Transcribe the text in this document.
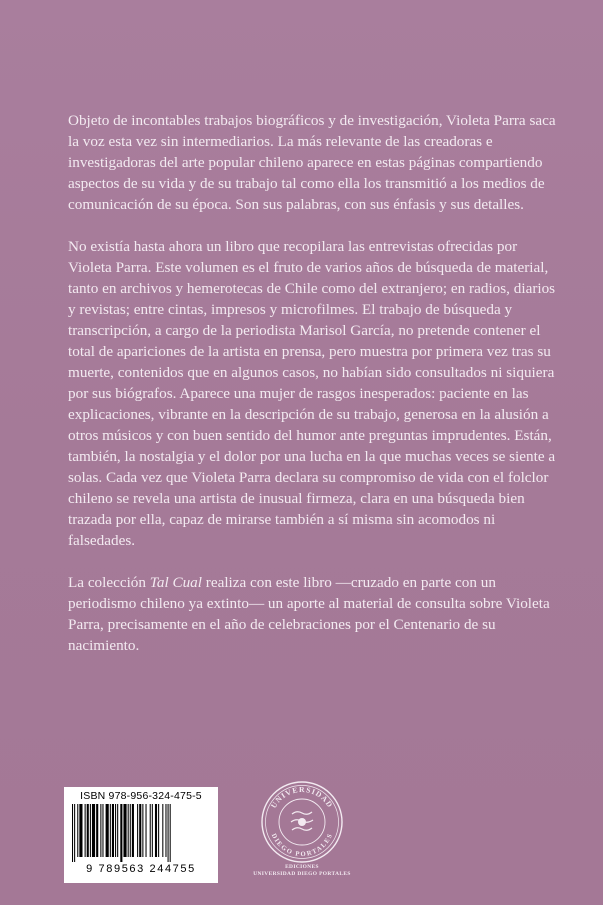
Objeto de incontables trabajos biográficos y de investigación, Violeta Parra saca la voz esta vez sin intermediarios. La más relevante de las creadoras e investigadoras del arte popular chileno aparece en estas páginas compartiendo aspectos de su vida y de su trabajo tal como ella los transmitió a los medios de comunicación de su época. Son sus palabras, con sus énfasis y sus detalles.

No existía hasta ahora un libro que recopilara las entrevistas ofrecidas por Violeta Parra. Este volumen es el fruto de varios años de búsqueda de material, tanto en archivos y hemerotecas de Chile como del extranjero; en radios, diarios y revistas; entre cintas, impresos y microfilmes. El trabajo de búsqueda y transcripción, a cargo de la periodista Marisol García, no pretende contener el total de apariciones de la artista en prensa, pero muestra por primera vez tras su muerte, contenidos que en algunos casos, no habían sido consultados ni siquiera por sus biógrafos. Aparece una mujer de rasgos inesperados: paciente en las explicaciones, vibrante en la descripción de su trabajo, generosa en la alusión a otros músicos y con buen sentido del humor ante preguntas imprudentes. Están, también, la nostalgia y el dolor por una lucha en la que muchas veces se siente a solas. Cada vez que Violeta Parra declara su compromiso de vida con el folclor chileno se revela una artista de inusual firmeza, clara en una búsqueda bien trazada por ella, capaz de mirarse también a sí misma sin acomodos ni falsedades.

La colección Tal Cual realiza con este libro —cruzado en parte con un periodismo chileno ya extinto— un aporte al material de consulta sobre Violeta Parra, precisamente en el año de celebraciones por el Centenario de su nacimiento.

ISBN 978-956-324-475-5
9 789563 244755
UNIVERSIDAD
DIEGO PORTALES
EDICIONES
UNIVERSIDAD DIEGO PORTALES
